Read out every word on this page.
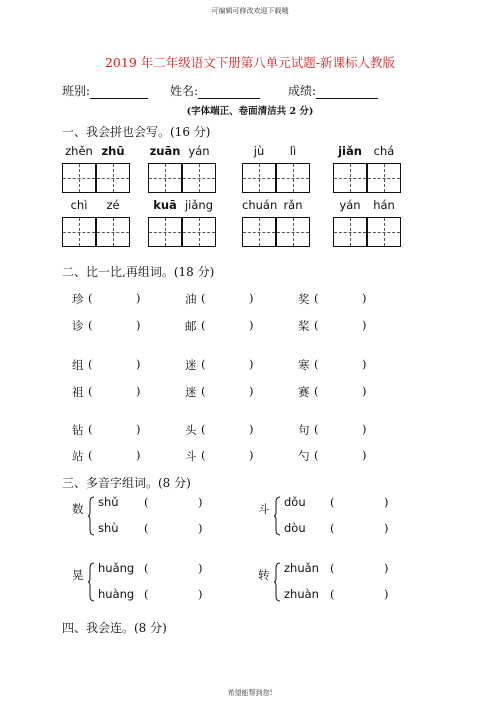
可编辑可修改欢迎下载哦
2019 年二年级语文下册第八单元试题-新课标人教版
班别:	姓名:	成绩:
(字体端正、卷面清洁共 2 分)
一、我会拼也会写。(16 分)
zhěn zhū	zuān yán	jù	lì	jiǎn	chá
chì	zé	kuā jiǎng	chuán rǎn	yán	hán
二、比一比,再组词。(18 分)
珍 (	)	油 (	)	奖 (	)
诊 (	)	邮 (	)	桨 (	)
组 (	)	迷 (	)	寒 (	)
祖 (	)	迷 (	)	赛 (	)
钻 (	)	头 (	)	句 (	)
站 (	)	斗 (	)	勺 (	)
三、多音字组词。(8 分)
数 shǔ (	)
shù (	)
斗 dǒu (	)
dòu (	)
晃 huǎng (	)
huàng (	)
转 zhuǎn (	)
zhuàn (	)
四、我会连。(8 分)
希望能帮到您!
